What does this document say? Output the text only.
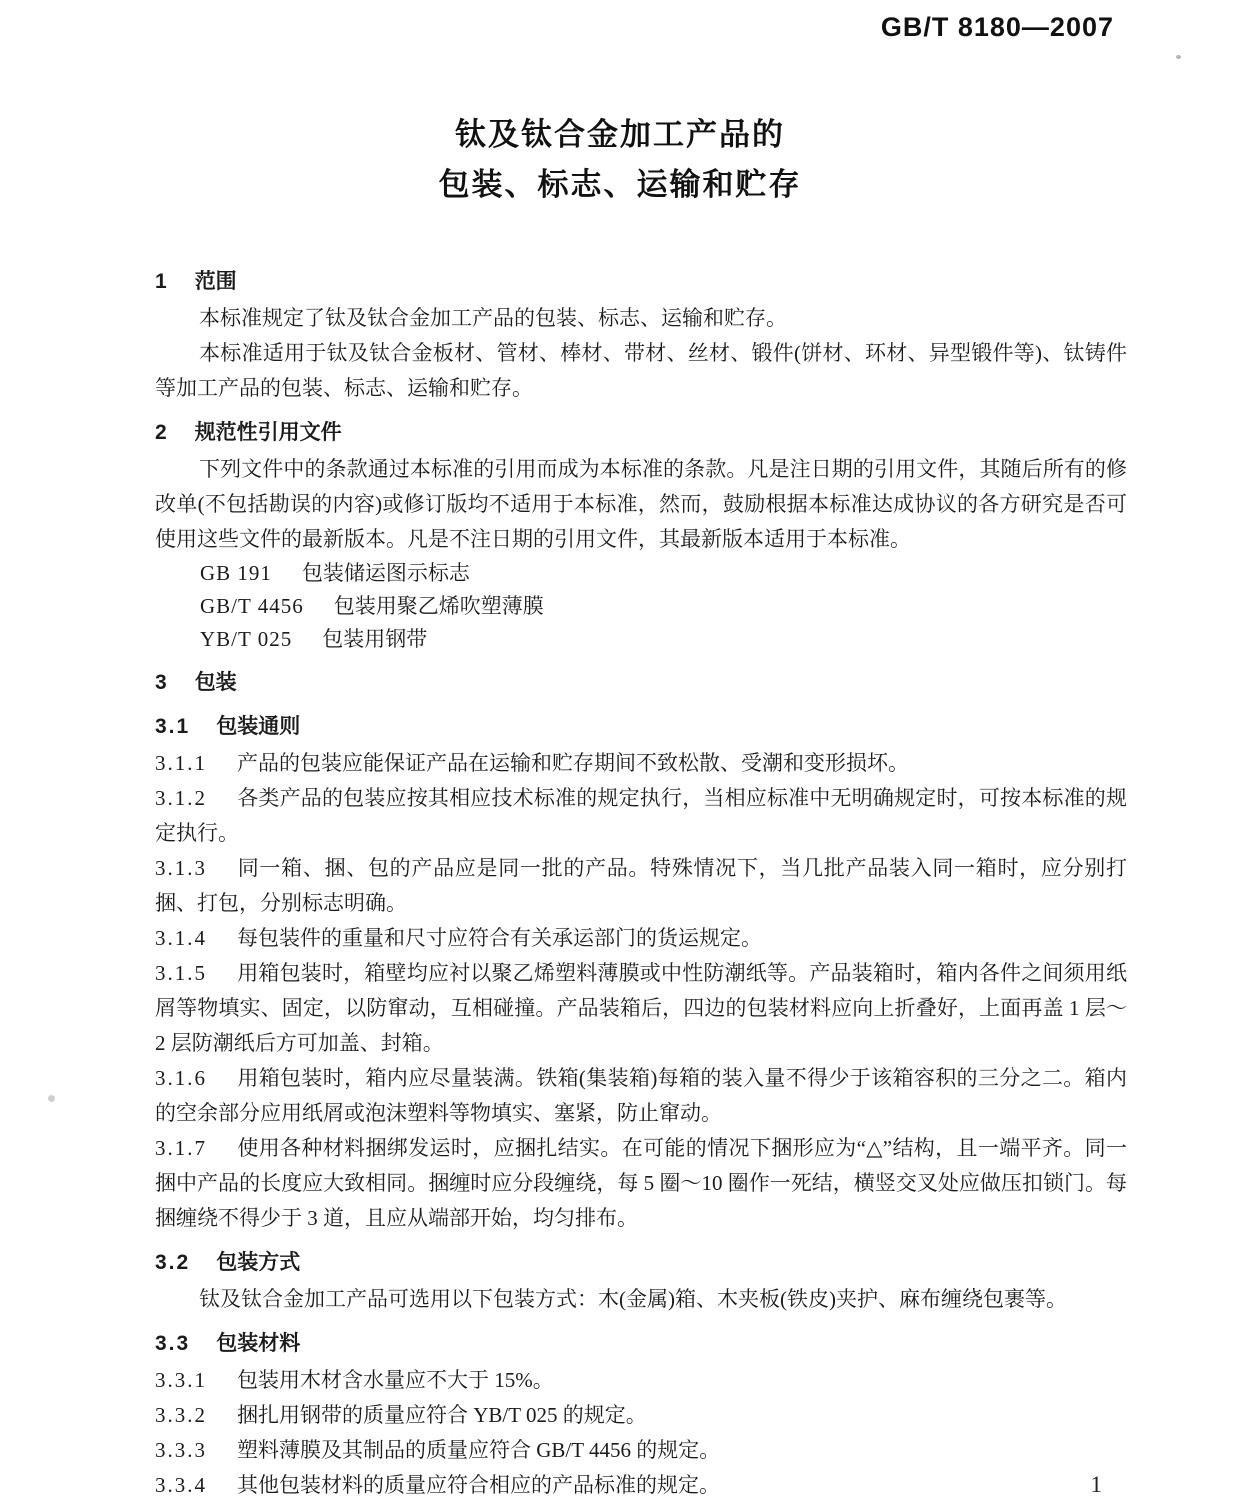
GB/T 8180—2007
钛及钛合金加工产品的
包装、标志、运输和贮存
1 范围

本标准规定了钛及钛合金加工产品的包装、标志、运输和贮存。

本标准适用于钛及钛合金板材、管材、棒材、带材、丝材、锻件(饼材、环材、异型锻件等)、钛铸件等加工产品的包装、标志、运输和贮存。

2 规范性引用文件

下列文件中的条款通过本标准的引用而成为本标准的条款。凡是注日期的引用文件，其随后所有的修改单(不包括勘误的内容)或修订版均不适用于本标准，然而，鼓励根据本标准达成协议的各方研究是否可使用这些文件的最新版本。凡是不注日期的引用文件，其最新版本适用于本标准。

GB 191 包装储运图示标志

GB/T 4456 包装用聚乙烯吹塑薄膜

YB/T 025 包装用钢带

3 包装
3.1 包装通则

3.1.1 产品的包装应能保证产品在运输和贮存期间不致松散、受潮和变形损坏。

3.1.2 各类产品的包装应按其相应技术标准的规定执行，当相应标准中无明确规定时，可按本标准的规定执行。

3.1.3 同一箱、捆、包的产品应是同一批的产品。特殊情况下，当几批产品装入同一箱时，应分别打捆、打包，分别标志明确。

3.1.4 每包装件的重量和尺寸应符合有关承运部门的货运规定。

3.1.5 用箱包装时，箱壁均应衬以聚乙烯塑料薄膜或中性防潮纸等。产品装箱时，箱内各件之间须用纸屑等物填实、固定，以防窜动，互相碰撞。产品装箱后，四边的包装材料应向上折叠好，上面再盖 1 层～2 层防潮纸后方可加盖、封箱。

3.1.6 用箱包装时，箱内应尽量装满。铁箱(集装箱)每箱的装入量不得少于该箱容积的三分之二。箱内的空余部分应用纸屑或泡沫塑料等物填实、塞紧，防止窜动。

3.1.7 使用各种材料捆绑发运时，应捆扎结实。在可能的情况下捆形应为“△”结构，且一端平齐。同一捆中产品的长度应大致相同。捆缠时应分段缠绕，每 5 圈～10 圈作一死结，横竖交叉处应做压扣锁门。每捆缠绕不得少于 3 道，且应从端部开始，均匀排布。

3.2 包装方式

钛及钛合金加工产品可选用以下包装方式：木(金属)箱、木夹板(铁皮)夹护、麻布缠绕包裹等。

3.3 包装材料

3.3.1 包装用木材含水量应不大于 15%。

3.3.2 捆扎用钢带的质量应符合 YB/T 025 的规定。

3.3.3 塑料薄膜及其制品的质量应符合 GB/T 4456 的规定。

3.3.4 其他包装材料的质量应符合相应的产品标准的规定。	1
